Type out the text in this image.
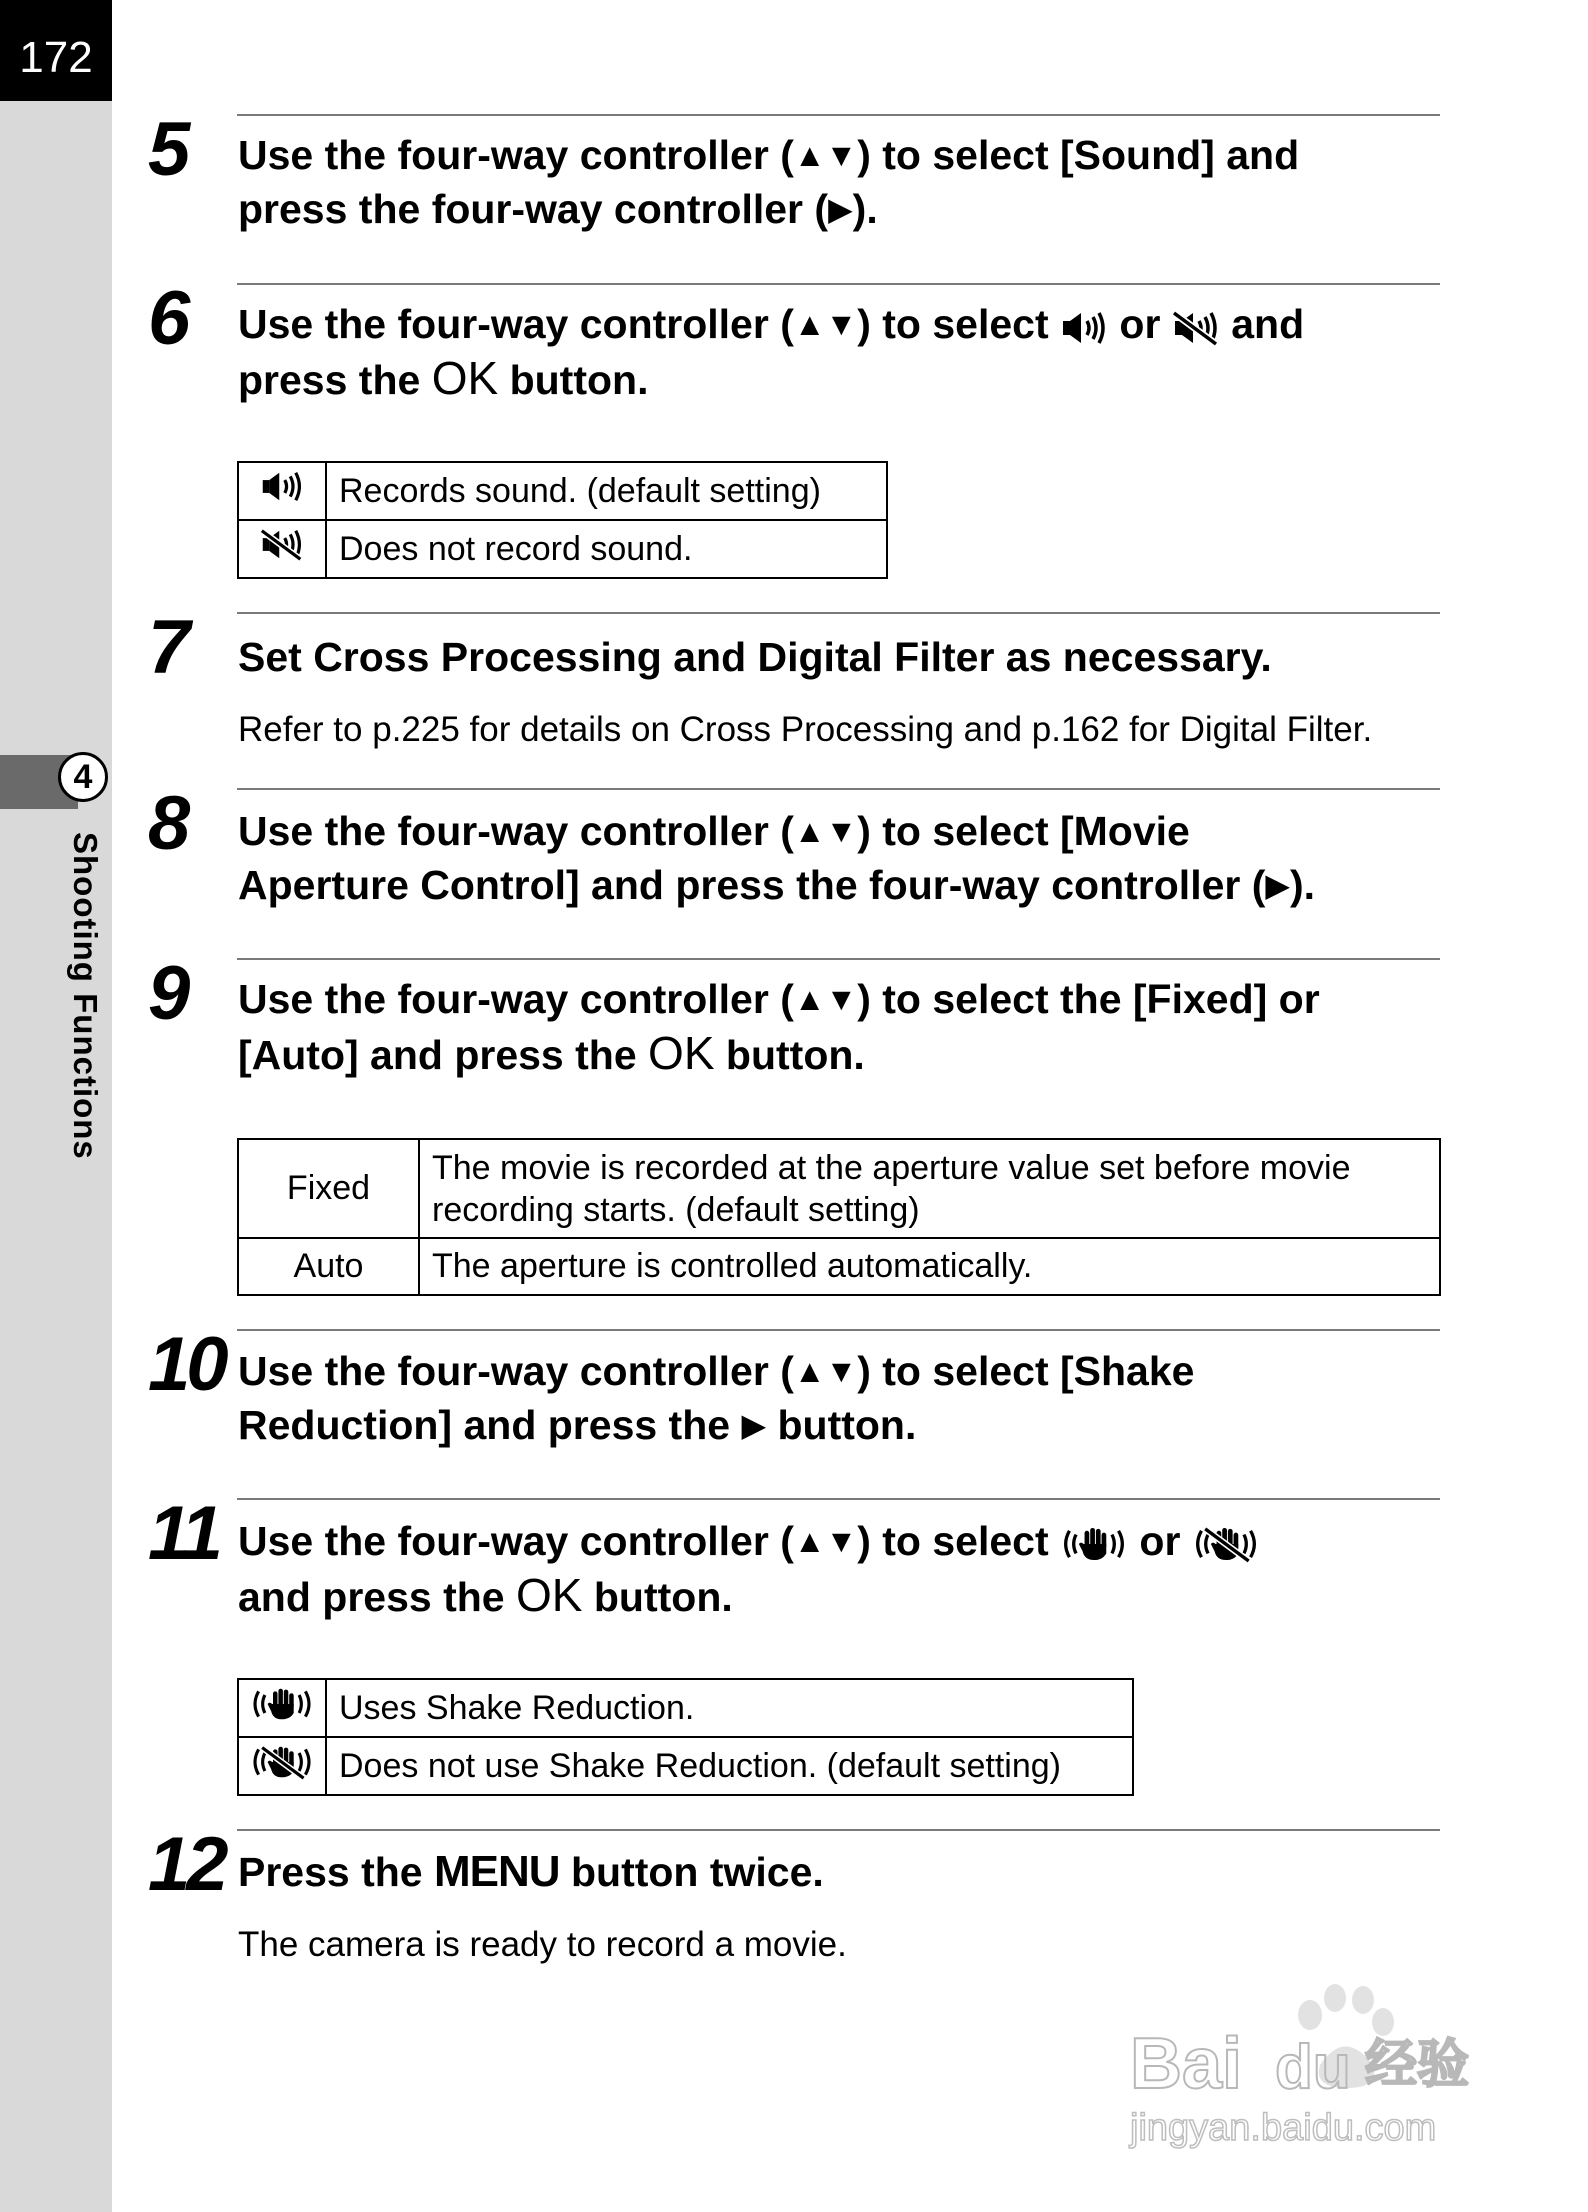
172
4
Shooting Functions
5 Use the four-way controller (▲▼) to select [Sound] and
press the four-way controller (▶).
6 Use the four-way controller (▲▼) to select or and
press the OK button.
	Records sound. (default setting)
	Does not record sound.
7 Set Cross Processing and Digital Filter as necessary.
Refer to p.225 for details on Cross Processing and p.162 for Digital Filter.
8 Use the four-way controller (▲▼) to select [Movie
Aperture Control] and press the four-way controller (▶).
9 Use the four-way controller (▲▼) to select the [Fixed] or
[Auto] and press the OK button.
Fixed	The movie is recorded at the aperture value set before movie
recording starts. (default setting)
Auto	The aperture is controlled automatically.
10 Use the four-way controller (▲▼) to select [Shake
Reduction] and press the ▶ button.
11 Use the four-way controller (▲▼) to select or
and press the OK button.
	Uses Shake Reduction.
	Does not use Shake Reduction. (default setting)
12 Press the MENU button twice.
The camera is ready to record a movie.
Bai du 经验
jingyan.baidu.com
